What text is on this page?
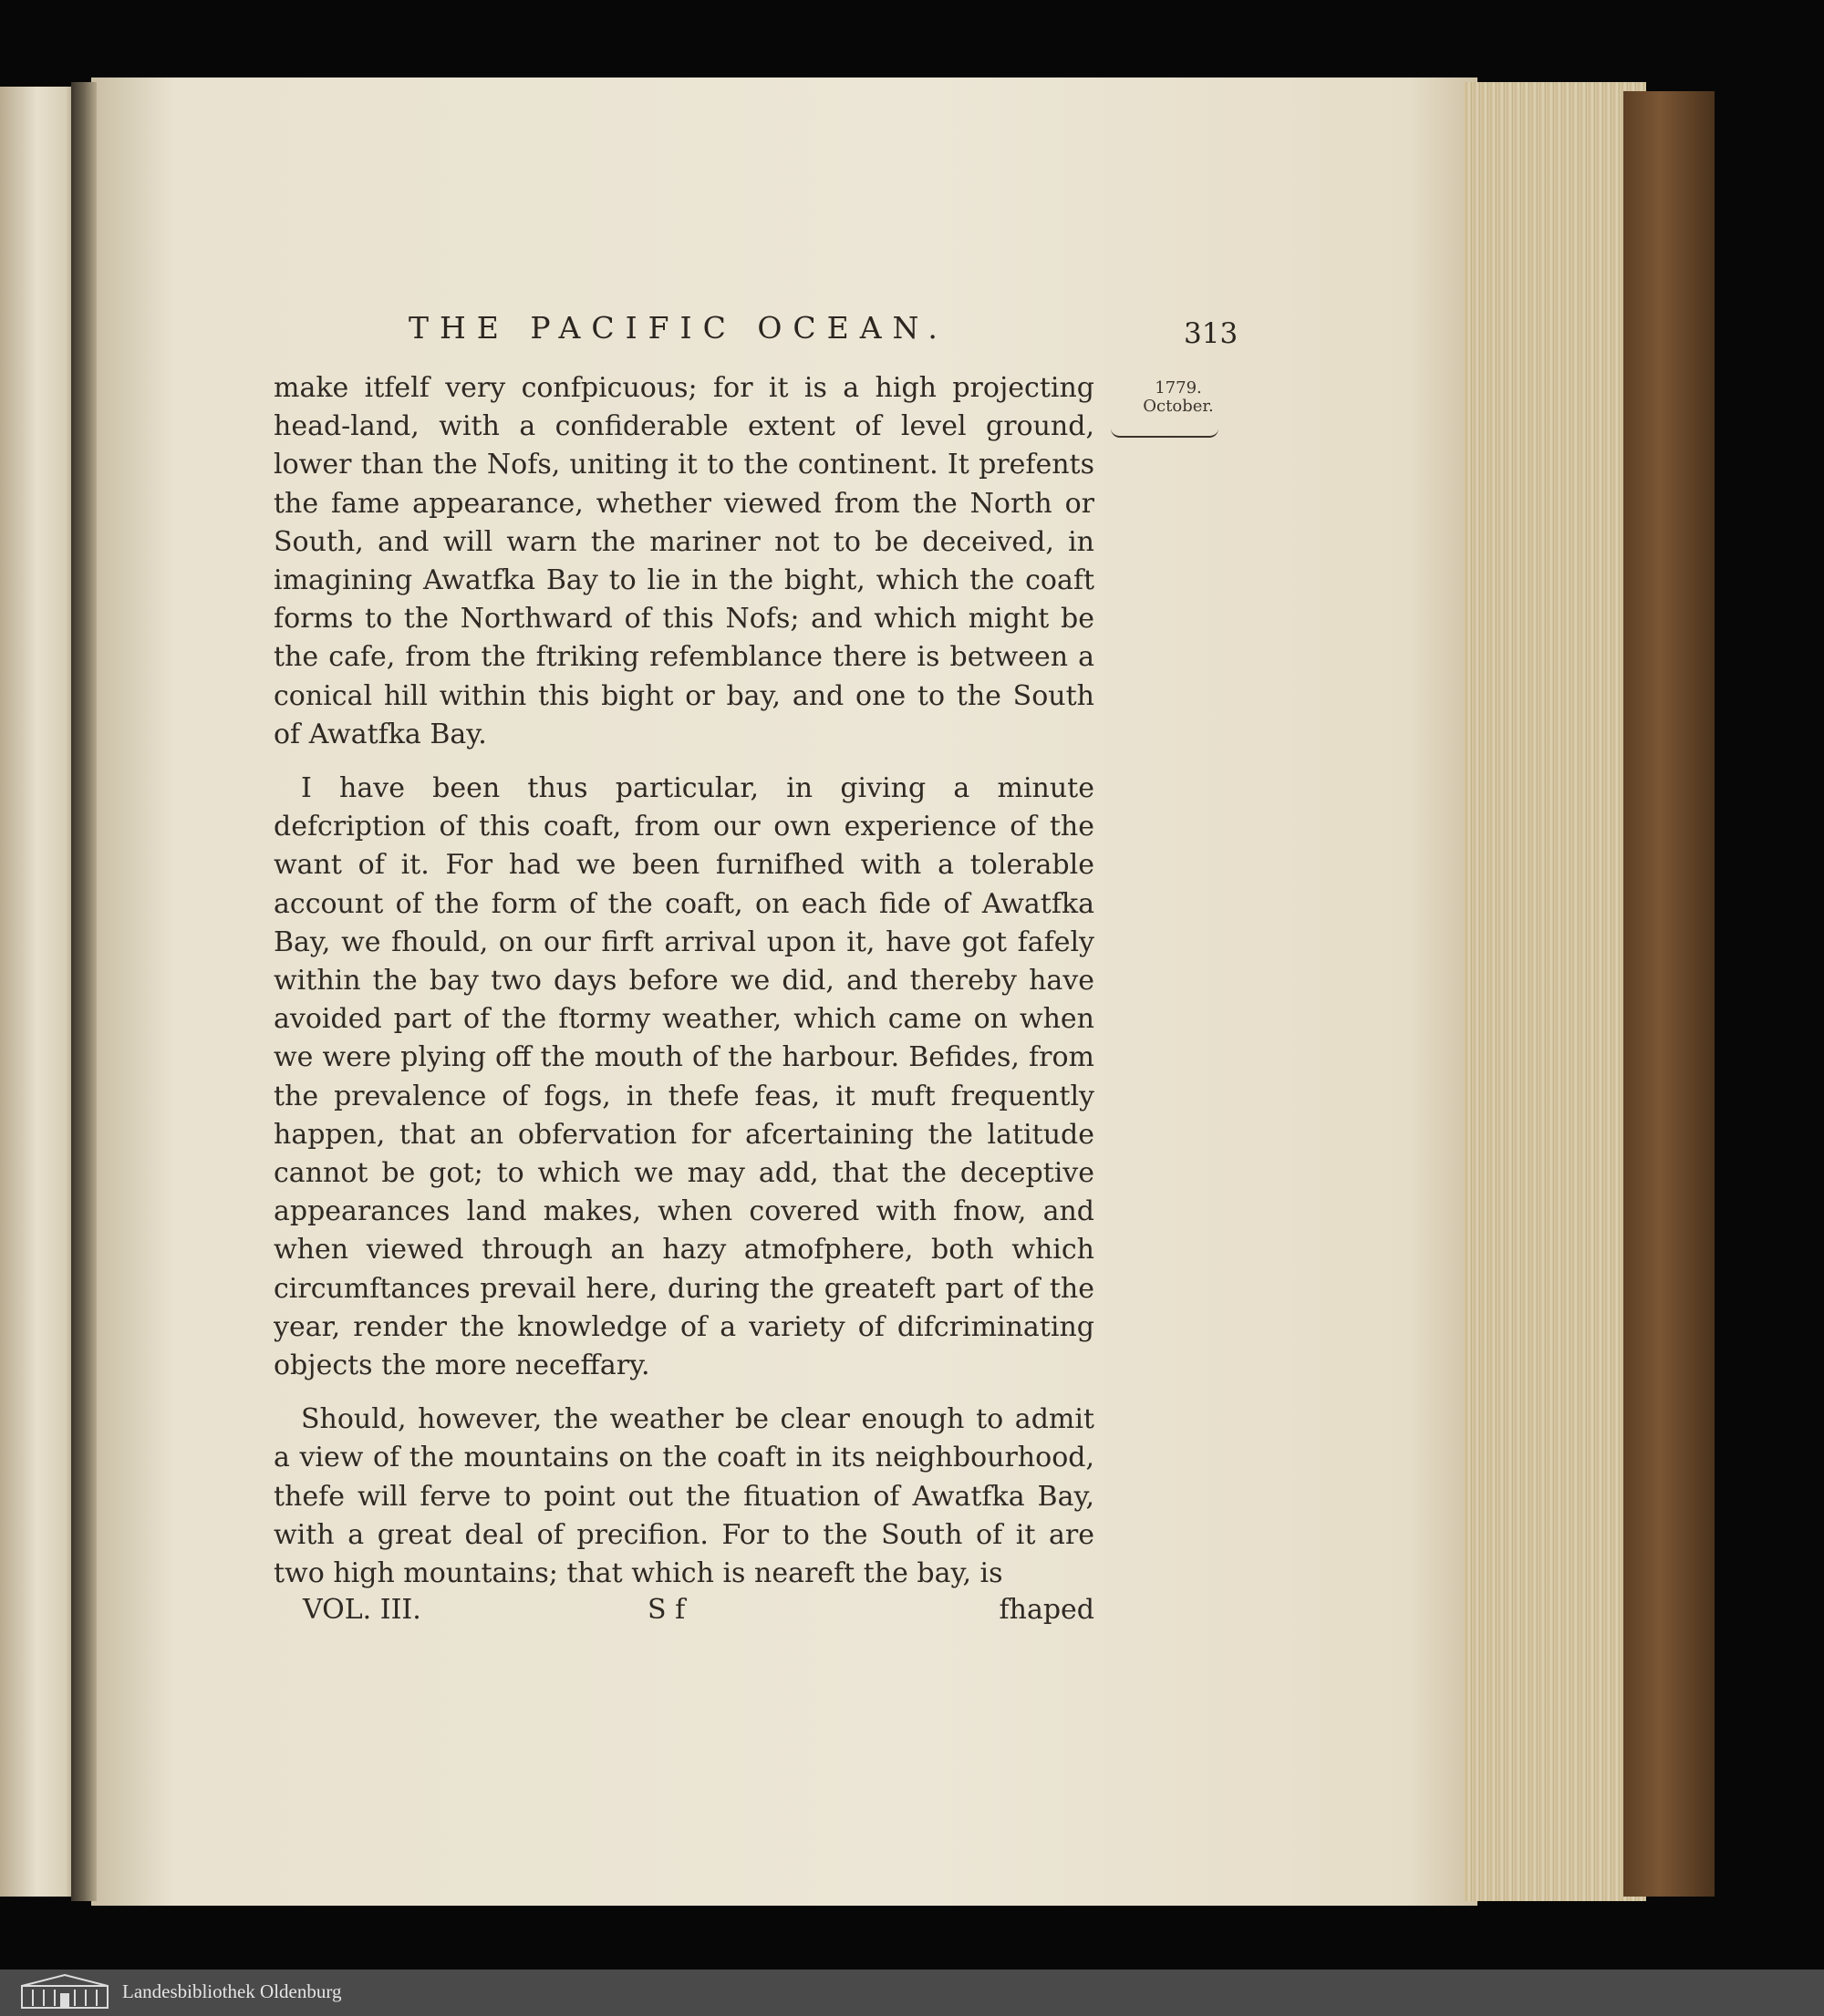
THE PACIFIC OCEAN.	313
1779.
October.

make itfelf very confpicuous; for it is a high projecting head-land, with a confiderable extent of level ground, lower than the Nofs, uniting it to the continent. It prefents the fame appearance, whether viewed from the North or South, and will warn the mariner not to be deceived, in imagining Awatfka Bay to lie in the bight, which the coaft forms to the Northward of this Nofs; and which might be the cafe, from the ftriking refemblance there is between a conical hill within this bight or bay, and one to the South of Awatfka Bay.

I have been thus particular, in giving a minute defcription of this coaft, from our own experience of the want of it. For had we been furnifhed with a tolerable account of the form of the coaft, on each fide of Awatfka Bay, we fhould, on our firft arrival upon it, have got fafely within the bay two days before we did, and thereby have avoided part of the ftormy weather, which came on when we were plying off the mouth of the harbour. Befides, from the prevalence of fogs, in thefe feas, it muft frequently happen, that an obfervation for afcertaining the latitude cannot be got; to which we may add, that the deceptive appearances land makes, when covered with fnow, and when viewed through an hazy atmofphere, both which circumftances prevail here, during the greateft part of the year, render the knowledge of a variety of difcriminating objects the more neceffary.

Should, however, the weather be clear enough to admit a view of the mountains on the coaft in its neighbourhood, thefe will ferve to point out the fituation of Awatfka Bay, with a great deal of precifion. For to the South of it are two high mountains; that which is neareft the bay, is

VOL. III.	S f	fhaped
Landesbibliothek Oldenburg
